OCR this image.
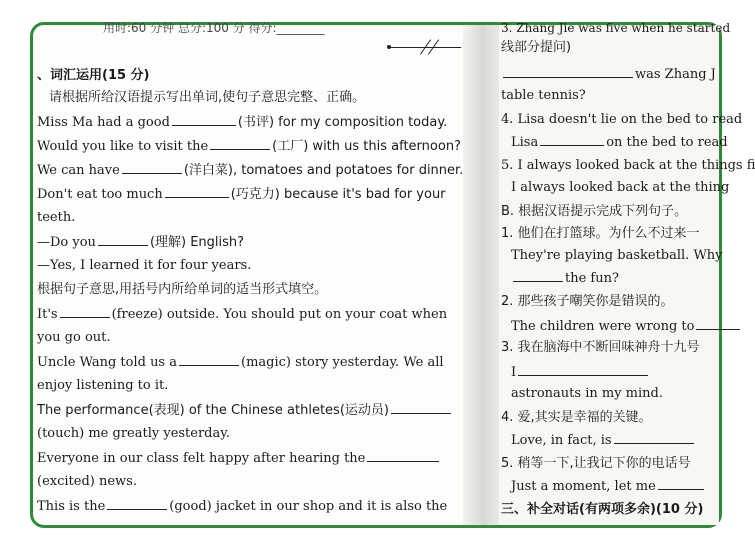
用时:60 分钟 总分:100 分 得分:________
、词汇运用(15 分)
请根据所给汉语提示写出单词,使句子意思完整、正确。
Miss Ma had a good	(书评) for my composition today.
Would you like to visit the	(工厂) with us this afternoon?
We can have	(洋白菜), tomatoes and potatoes for dinner.
Don't eat too much	(巧克力) because it's bad for your
teeth.
—Do you	(理解) English?
—Yes, I learned it for four years.
根据句子意思,用括号内所给单词的适当形式填空。
It's	(freeze) outside. You should put on your coat when
you go out.
Uncle Wang told us a	(magic) story yesterday. We all
enjoy listening to it.
The performance(表现) of the Chinese athletes(运动员)
(touch) me greatly yesterday.
Everyone in our class felt happy after hearing the
(excited) news.
This is the	(good) jacket in our shop and it is also the
3. Zhang Jie was five when he started
线部分提问)
was Zhang J
table tennis?
4. Lisa doesn't lie on the bed to read
Lisa	on the bed to read
5. I always looked back at the things fi
I always looked back at the thing
B. 根据汉语提示完成下列句子。
1. 他们在打篮球。为什么不过来一
They're playing basketball. Why
the fun?
2. 那些孩子嘲笑你是错误的。
The children were wrong to
3. 我在脑海中不断回味神舟十九号
I
astronauts in my mind.
4. 爱,其实是幸福的关键。
Love, in fact, is
5. 稍等一下,让我记下你的电话号
Just a moment, let me
三、补全对话(有两项多余)(10 分)
